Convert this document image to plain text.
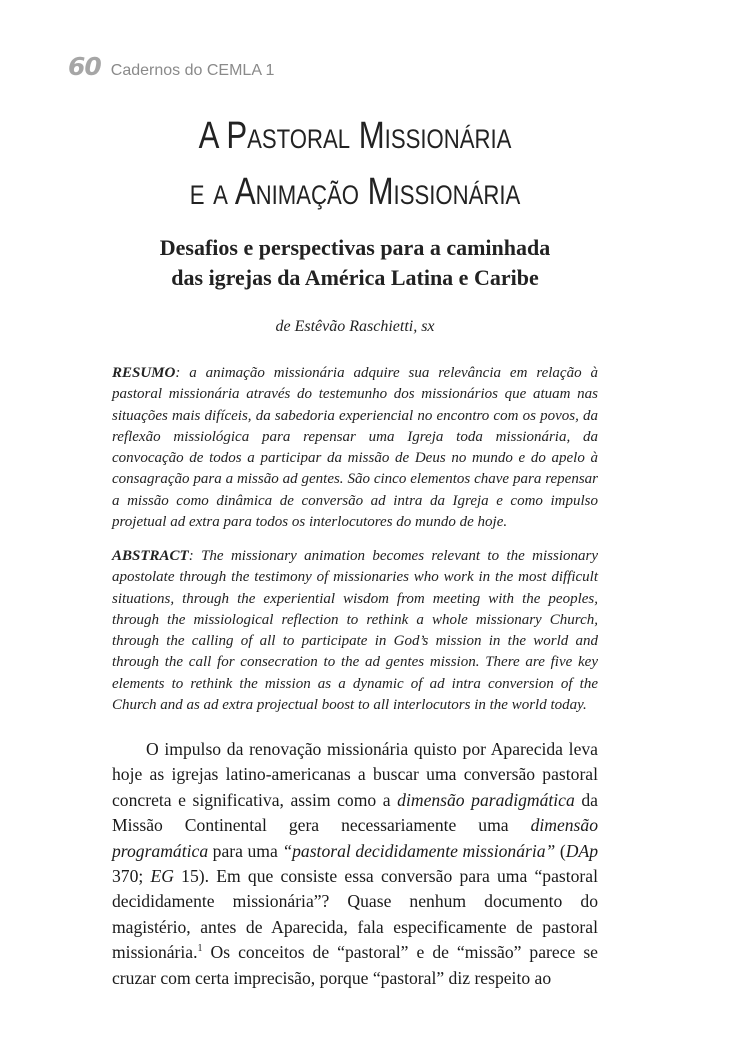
60 Cadernos do CEMLA 1
A Pastoral Missionária
e a Animação Missionária
Desafios e perspectivas para a caminhada
das igrejas da América Latina e Caribe
de Estêvão Raschietti, sx

RESUMO: a animação missionária adquire sua relevância em relação à pastoral missionária através do testemunho dos missionários que atuam nas situações mais difíceis, da sabedoria experiencial no encontro com os povos, da reflexão missiológica para repensar uma Igreja toda missionária, da convocação de todos a participar da missão de Deus no mundo e do apelo à consagração para a missão ad gentes. São cinco elementos chave para repensar a missão como dinâmica de conversão ad intra da Igreja e como impulso projetual ad extra para todos os interlocutores do mundo de hoje.

ABSTRACT: The missionary animation becomes relevant to the missionary apostolate through the testimony of missionaries who work in the most difficult situations, through the experiential wisdom from meeting with the peoples, through the missiological reflection to rethink a whole missionary Church, through the calling of all to participate in God’s mission in the world and through the call for consecration to the ad gentes mission. There are five key elements to rethink the mission as a dynamic of ad intra conversion of the Church and as ad extra projectual boost to all interlocutors in the world today.

O impulso da renovação missionária quisto por Aparecida leva hoje as igrejas latino-americanas a buscar uma conversão pastoral concreta e significativa, assim como a dimensão paradigmática da Missão Continental gera necessariamente uma dimensão programática para uma “pastoral decididamente missionária” (DAp 370; EG 15). Em que consiste essa conversão para uma “pastoral decididamente missionária”? Quase nenhum documento do magistério, antes de Aparecida, fala especificamente de pastoral missionária.$^1$ Os conceitos de “pastoral” e de “missão” parece se cruzar com certa imprecisão, porque “pastoral” diz respeito ao
